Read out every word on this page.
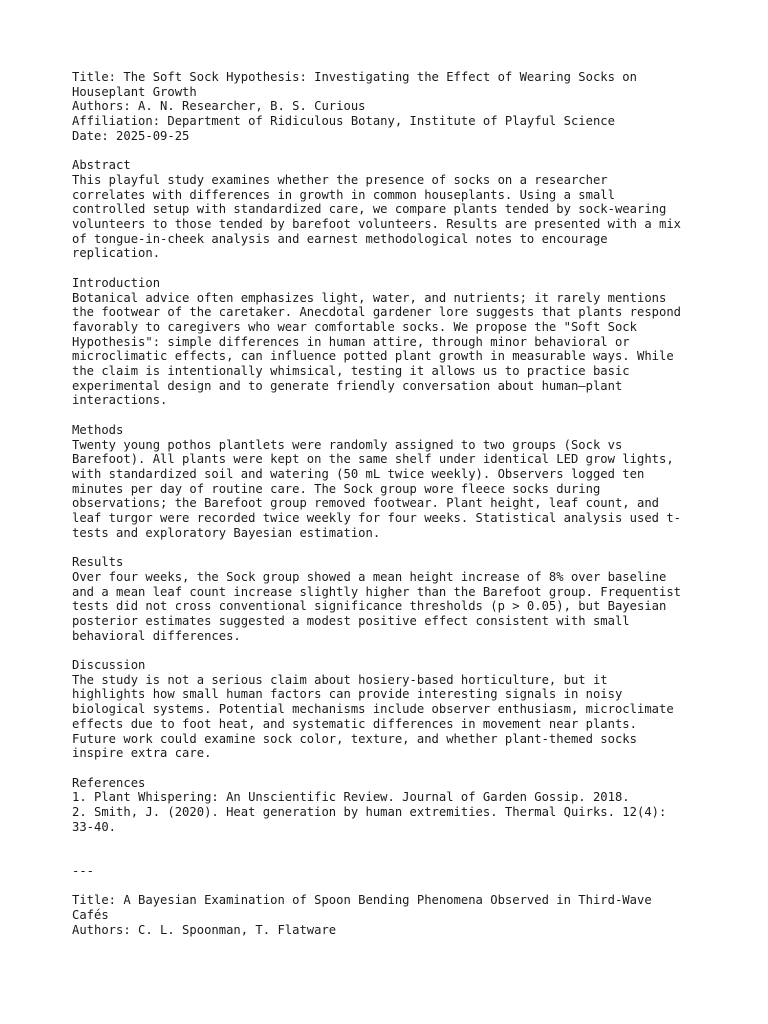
Title: The Soft Sock Hypothesis: Investigating the Effect of Wearing Socks on
Houseplant Growth
Authors: A. N. Researcher, B. S. Curious
Affiliation: Department of Ridiculous Botany, Institute of Playful Science
Date: 2025-09-25
Abstract
This playful study examines whether the presence of socks on a researcher
correlates with differences in growth in common houseplants. Using a small
controlled setup with standardized care, we compare plants tended by sock-wearing
volunteers to those tended by barefoot volunteers. Results are presented with a mix
of tongue-in-cheek analysis and earnest methodological notes to encourage
replication.
Introduction
Botanical advice often emphasizes light, water, and nutrients; it rarely mentions
the footwear of the caretaker. Anecdotal gardener lore suggests that plants respond
favorably to caregivers who wear comfortable socks. We propose the "Soft Sock
Hypothesis": simple differences in human attire, through minor behavioral or
microclimatic effects, can influence potted plant growth in measurable ways. While
the claim is intentionally whimsical, testing it allows us to practice basic
experimental design and to generate friendly conversation about human–plant
interactions.
Methods
Twenty young pothos plantlets were randomly assigned to two groups (Sock vs
Barefoot). All plants were kept on the same shelf under identical LED grow lights,
with standardized soil and watering (50 mL twice weekly). Observers logged ten
minutes per day of routine care. The Sock group wore fleece socks during
observations; the Barefoot group removed footwear. Plant height, leaf count, and
leaf turgor were recorded twice weekly for four weeks. Statistical analysis used t-
tests and exploratory Bayesian estimation.
Results
Over four weeks, the Sock group showed a mean height increase of 8% over baseline
and a mean leaf count increase slightly higher than the Barefoot group. Frequentist
tests did not cross conventional significance thresholds (p > 0.05), but Bayesian
posterior estimates suggested a modest positive effect consistent with small
behavioral differences.
Discussion
The study is not a serious claim about hosiery-based horticulture, but it
highlights how small human factors can provide interesting signals in noisy
biological systems. Potential mechanisms include observer enthusiasm, microclimate
effects due to foot heat, and systematic differences in movement near plants.
Future work could examine sock color, texture, and whether plant-themed socks
inspire extra care.
References
1. Plant Whispering: An Unscientific Review. Journal of Garden Gossip. 2018.
2. Smith, J. (2020). Heat generation by human extremities. Thermal Quirks. 12(4):
33-40.
---
Title: A Bayesian Examination of Spoon Bending Phenomena Observed in Third-Wave
Cafés
Authors: C. L. Spoonman, T. Flatware
